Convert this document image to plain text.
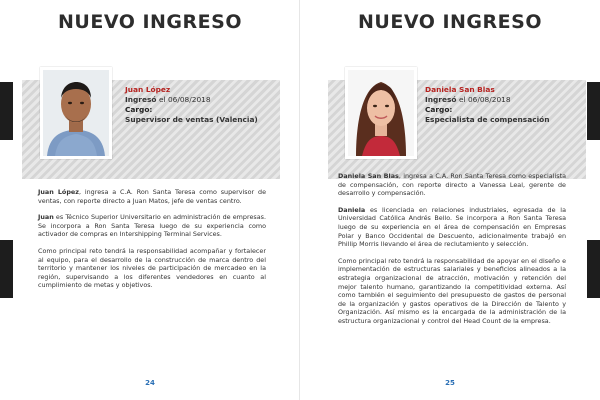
NUEVO INGRESO
Juan López
Ingresó el 06/08/2018
Cargo:
Supervisor de ventas (Valencia)

Juan López, ingresa a C.A. Ron Santa Teresa como supervisor de ventas, con reporte directo a Juan Matos, jefe de ventas centro.

Juan es Técnico Superior Universitario en administración de empresas. Se incorpora a Ron Santa Teresa luego de su experiencia como activador de compras en Intershipping Terminal Services.

Como principal reto tendrá la responsabilidad acompañar y fortalecer al equipo, para el desarrollo de la construcción de marca dentro del territorio y mantener los niveles de participación de mercadeo en la región, supervisando a los diferentes vendedores en cuanto al cumplimiento de metas y objetivos.

24
NUEVO INGRESO
Daniela San Blas
Ingresó el 06/08/2018
Cargo:
Especialista de compensación

Daniela San Blas, ingresa a C.A. Ron Santa Teresa como especialista de compensación, con reporte directo a Vanessa Leal, gerente de desarrollo y compensación.

Daniela es licenciada en relaciones industriales, egresada de la Universidad Católica Andrés Bello. Se incorpora a Ron Santa Teresa luego de su experiencia en el área de compensación en Empresas Polar y Banco Occidental de Descuento, adicionalmente trabajó en Phillip Morris llevando el área de reclutamiento y selección.

Como principal reto tendrá la responsabilidad de apoyar en el diseño e implementación de estructuras salariales y beneficios alineados a la estrategia organizacional de atracción, motivación y retención del mejor talento humano, garantizando la competitividad externa. Así como también el seguimiento del presupuesto de gastos de personal de la organización y gastos operativos de la Dirección de Talento y Organización. Así mismo es la encargada de la administración de la estructura organizacional y control del Head Count de la empresa.

25
